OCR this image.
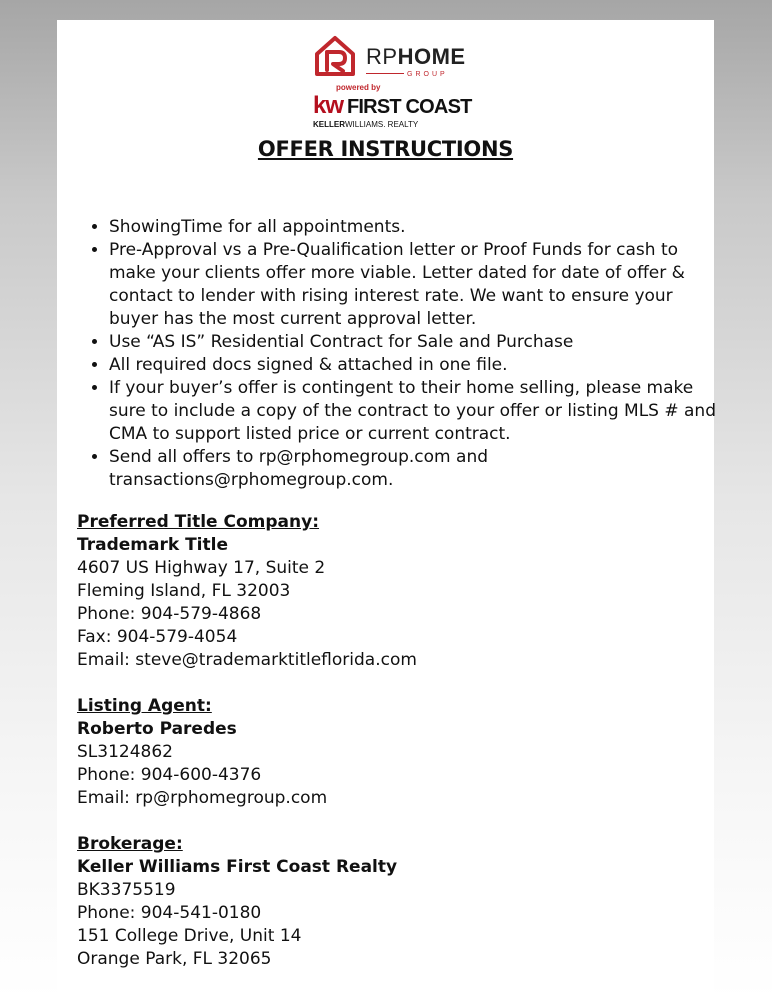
RPHOME
GROUP
powered by
kw FIRST COAST
KELLERWILLIAMS. REALTY
OFFER INSTRUCTIONS
• ShowingTime for all appointments.
• Pre-Approval vs a Pre-Qualification letter or Proof Funds for cash to make your clients offer more viable. Letter dated for date of offer & contact to lender with rising interest rate. We want to ensure your buyer has the most current approval letter.
• Use “AS IS” Residential Contract for Sale and Purchase
• All required docs signed & attached in one file.
• If your buyer’s offer is contingent to their home selling, please make sure to include a copy of the contract to your offer or listing MLS # and CMA to support listed price or current contract.
• Send all offers to rp@rphomegroup.com and transactions@rphomegroup.com.
Preferred Title Company:
Trademark Title
4607 US Highway 17, Suite 2
Fleming Island, FL 32003
Phone: 904-579-4868
Fax: 904-579-4054
Email: steve@trademarktitleflorida.com
Listing Agent:
Roberto Paredes
SL3124862
Phone: 904-600-4376
Email: rp@rphomegroup.com
Brokerage:
Keller Williams First Coast Realty
BK3375519
Phone: 904-541-0180
151 College Drive, Unit 14
Orange Park, FL 32065
